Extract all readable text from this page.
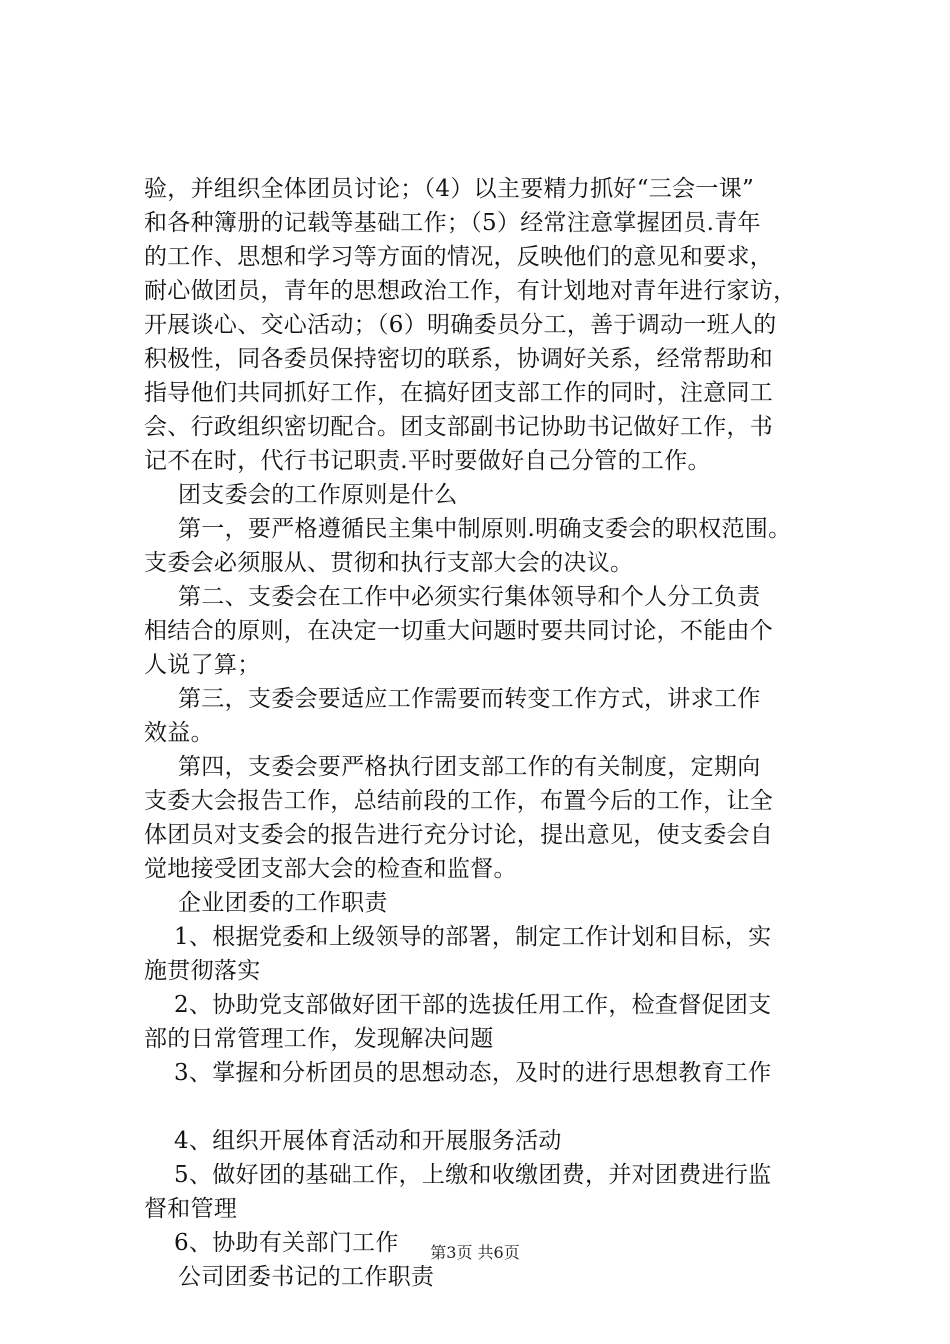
验，并组织全体团员讨论；（4）以主要精力抓好“三会一课”
和各种簿册的记载等基础工作；（5）经常注意掌握团员.青年
的工作、思想和学习等方面的情况，反映他们的意见和要求，
耐心做团员，青年的思想政治工作，有计划地对青年进行家访，
开展谈心、交心活动；（6）明确委员分工，善于调动一班人的
积极性，同各委员保持密切的联系，协调好关系，经常帮助和
指导他们共同抓好工作，在搞好团支部工作的同时，注意同工
会、行政组织密切配合。团支部副书记协助书记做好工作，书
记不在时，代行书记职责.平时要做好自己分管的工作。
团支委会的工作原则是什么
第一，要严格遵循民主集中制原则.明确支委会的职权范围。
支委会必须服从、贯彻和执行支部大会的决议。
第二、支委会在工作中必须实行集体领导和个人分工负责
相结合的原则，在决定一切重大问题时要共同讨论，不能由个
人说了算；
第三，支委会要适应工作需要而转变工作方式，讲求工作
效益。
第四，支委会要严格执行团支部工作的有关制度，定期向
支委大会报告工作，总结前段的工作，布置今后的工作，让全
体团员对支委会的报告进行充分讨论，提出意见，使支委会自
觉地接受团支部大会的检查和监督。
企业团委的工作职责
1、根据党委和上级领导的部署，制定工作计划和目标，实
施贯彻落实
2、协助党支部做好团干部的选拔任用工作，检查督促团支
部的日常管理工作，发现解决问题
3、掌握和分析团员的思想动态，及时的进行思想教育工作
4、组织开展体育活动和开展服务活动
5、做好团的基础工作，上缴和收缴团费，并对团费进行监
督和管理
6、协助有关部门工作
公司团委书记的工作职责
第3页 共6页
